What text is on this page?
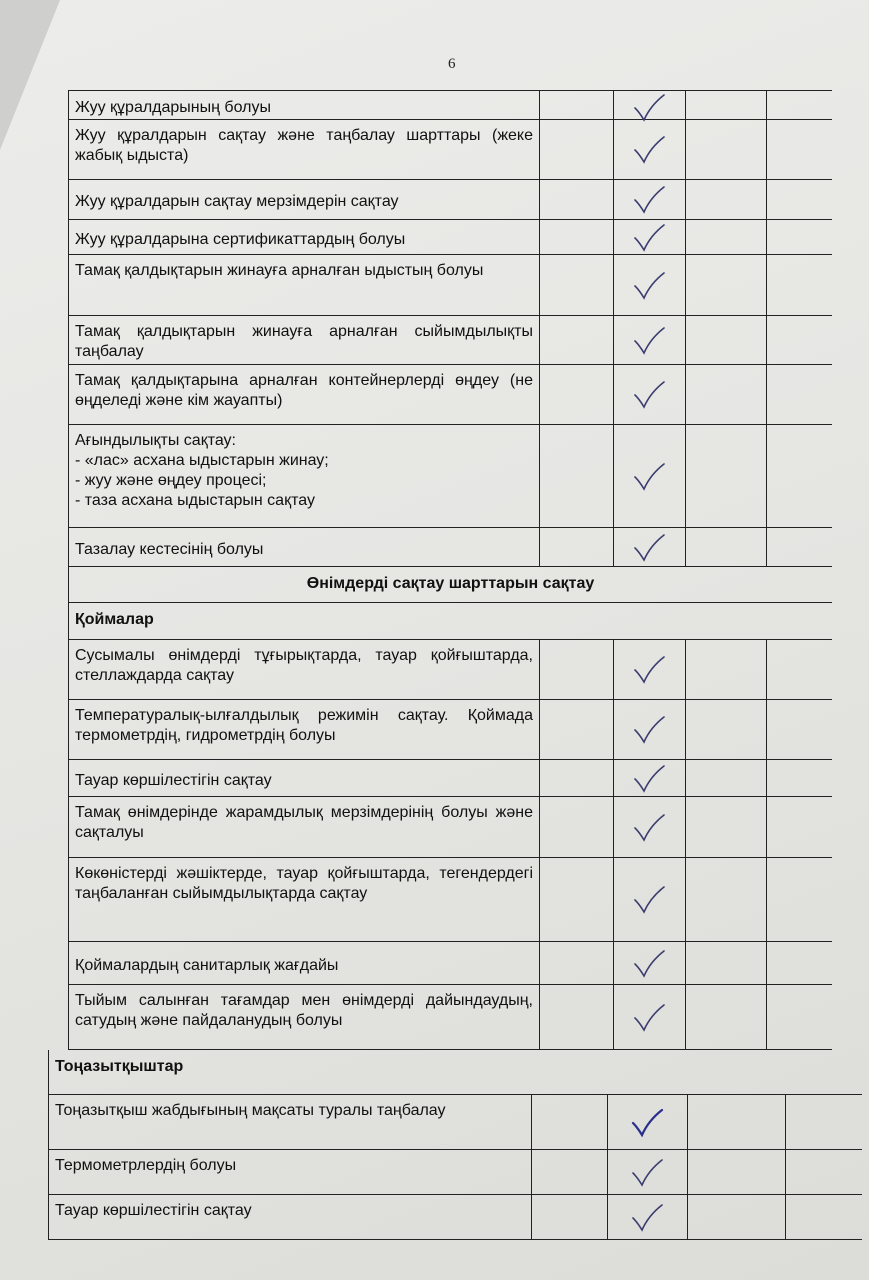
6
Жуу құралдарының болуы
Жуу құралдарын сақтау және таңбалау шарттары (жеке жабық ыдыста)
Жуу құралдарын сақтау мерзімдерін сақтау
Жуу құралдарына сертификаттардың болуы
Тамақ қалдықтарын жинауға арналған ыдыстың болуы
Тамақ қалдықтарын жинауға арналған сыйымдылықты таңбалау
Тамақ қалдықтарына арналған контейнерлерді өңдеу (не өңделеді және кім жауапты)
Ағындылықты сақтау:
- «лас» асхана ыдыстарын жинау;
- жуу және өңдеу процесі;
- таза асхана ыдыстарын сақтау
Тазалау кестесінің болуы
Өнімдерді сақтау шарттарын сақтау
Қоймалар
Сусымалы өнімдерді тұғырықтарда, тауар қойғыштарда, стеллаждарда сақтау
Температуралық-ылғалдылық режимін сақтау. Қоймада термометрдің, гидрометрдің болуы
Тауар көршілестігін сақтау
Тамақ өнімдерінде жарамдылық мерзімдерінің болуы және сақталуы
Көкөністерді жәшіктерде, тауар қойғыштарда, тегендердегі таңбаланған сыйымдылықтарда сақтау
Қоймалардың санитарлық жағдайы
Тыйым салынған тағамдар мен өнімдерді дайындаудың, сатудың және пайдаланудың болуы
Тоңазытқыштар
Тоңазытқыш жабдығының мақсаты туралы таңбалау
Термометрлердің болуы
Тауар көршілестігін сақтау
